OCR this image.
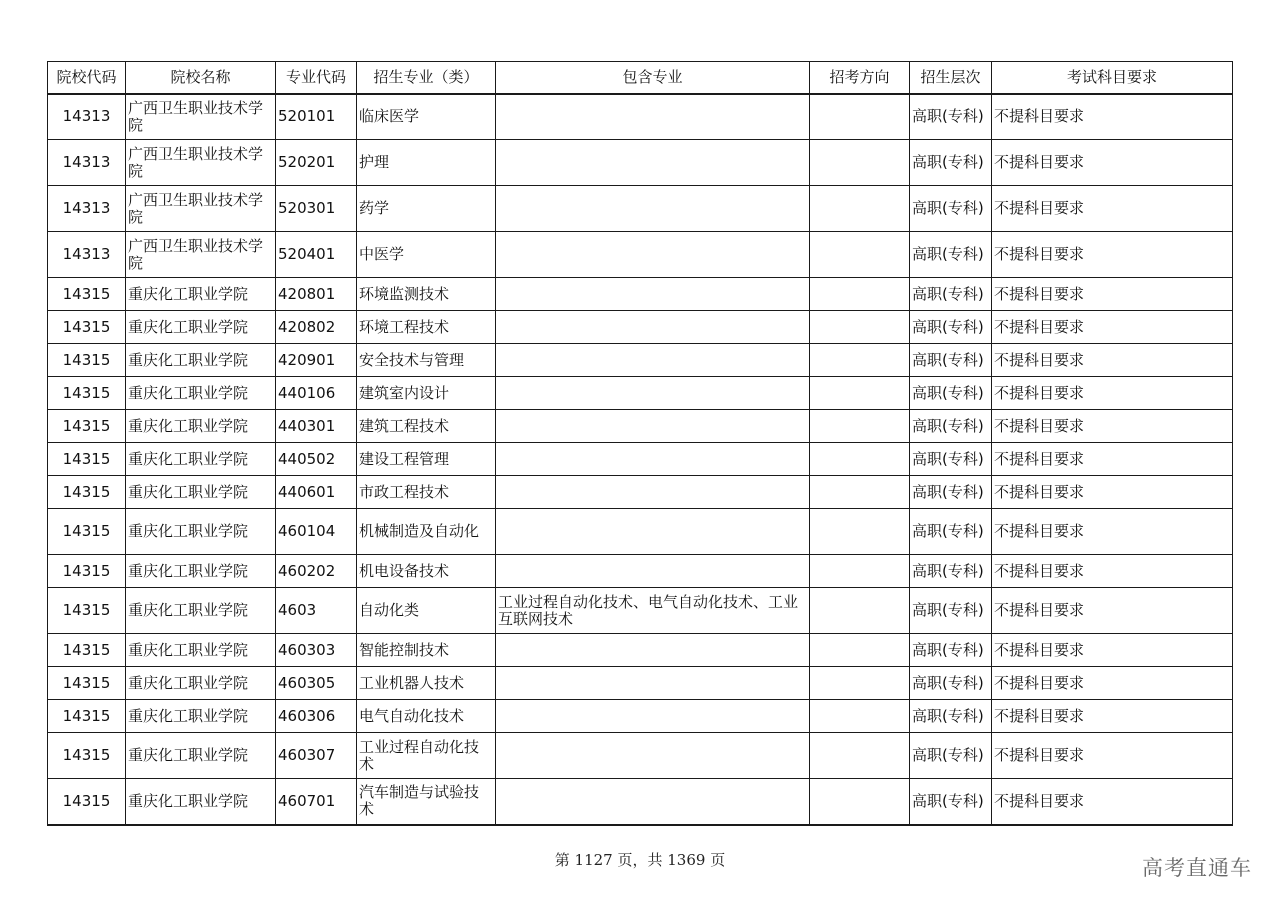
院校代码	院校名称	专业代码	招生专业（类）	包含专业	招考方向	招生层次	考试科目要求
14313	广西卫生职业技术学院	520101	临床医学			高职(专科)	不提科目要求
14313	广西卫生职业技术学院	520201	护理			高职(专科)	不提科目要求
14313	广西卫生职业技术学院	520301	药学			高职(专科)	不提科目要求
14313	广西卫生职业技术学院	520401	中医学			高职(专科)	不提科目要求
14315	重庆化工职业学院	420801	环境监测技术			高职(专科)	不提科目要求
14315	重庆化工职业学院	420802	环境工程技术			高职(专科)	不提科目要求
14315	重庆化工职业学院	420901	安全技术与管理			高职(专科)	不提科目要求
14315	重庆化工职业学院	440106	建筑室内设计			高职(专科)	不提科目要求
14315	重庆化工职业学院	440301	建筑工程技术			高职(专科)	不提科目要求
14315	重庆化工职业学院	440502	建设工程管理			高职(专科)	不提科目要求
14315	重庆化工职业学院	440601	市政工程技术			高职(专科)	不提科目要求
14315	重庆化工职业学院	460104	机械制造及自动化			高职(专科)	不提科目要求
14315	重庆化工职业学院	460202	机电设备技术			高职(专科)	不提科目要求
14315	重庆化工职业学院	4603	自动化类	工业过程自动化技术、电气自动化技术、工业互联网技术		高职(专科)	不提科目要求
14315	重庆化工职业学院	460303	智能控制技术			高职(专科)	不提科目要求
14315	重庆化工职业学院	460305	工业机器人技术			高职(专科)	不提科目要求
14315	重庆化工职业学院	460306	电气自动化技术			高职(专科)	不提科目要求
14315	重庆化工职业学院	460307	工业过程自动化技术			高职(专科)	不提科目要求
14315	重庆化工职业学院	460701	汽车制造与试验技术			高职(专科)	不提科目要求
第 1127 页，共 1369 页	高考直通车
